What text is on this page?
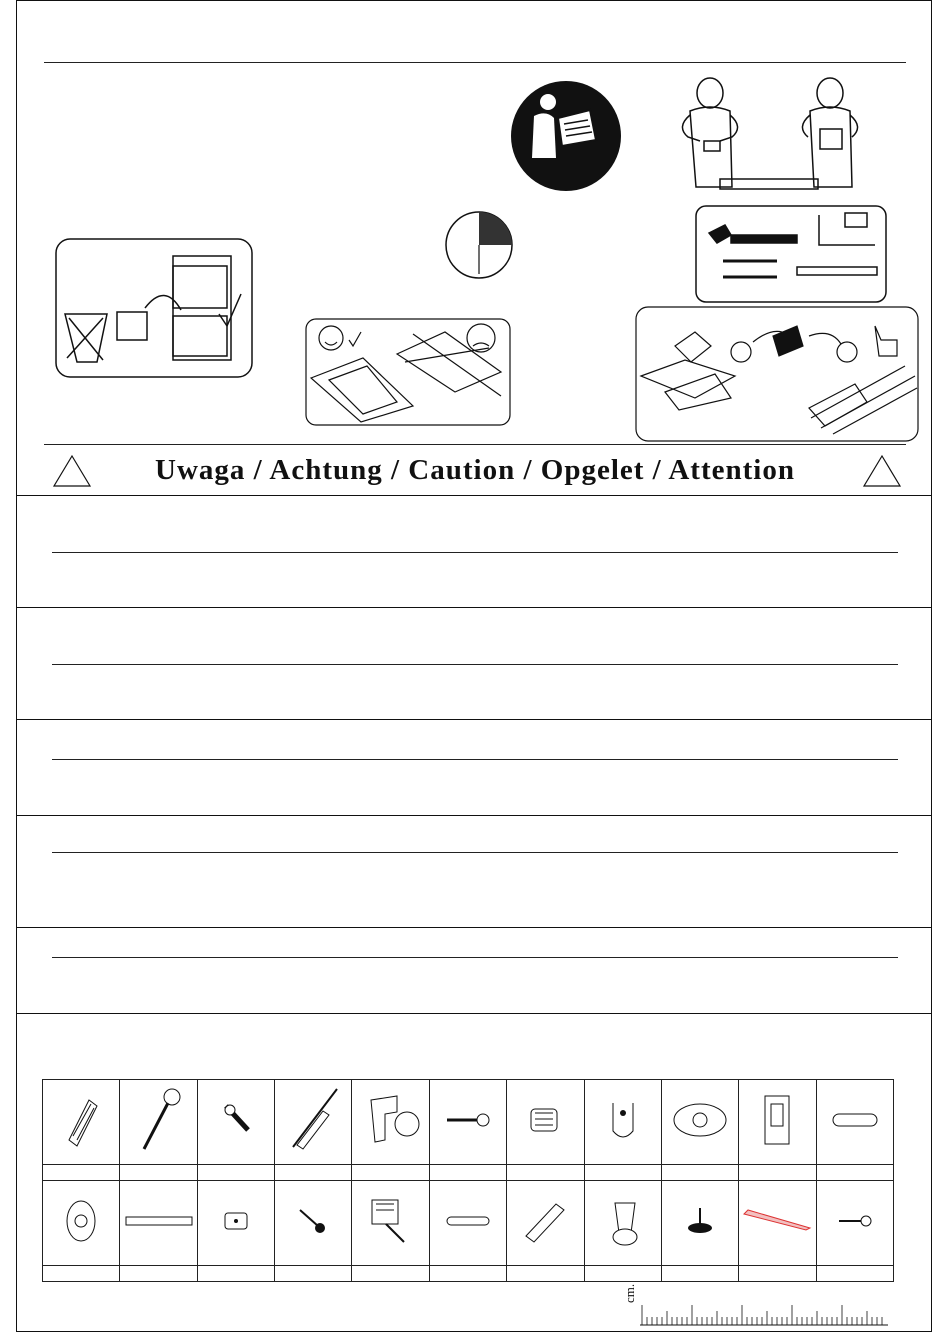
Uwaga / Achtung / Caution / Opgelet / Attention

cm.
